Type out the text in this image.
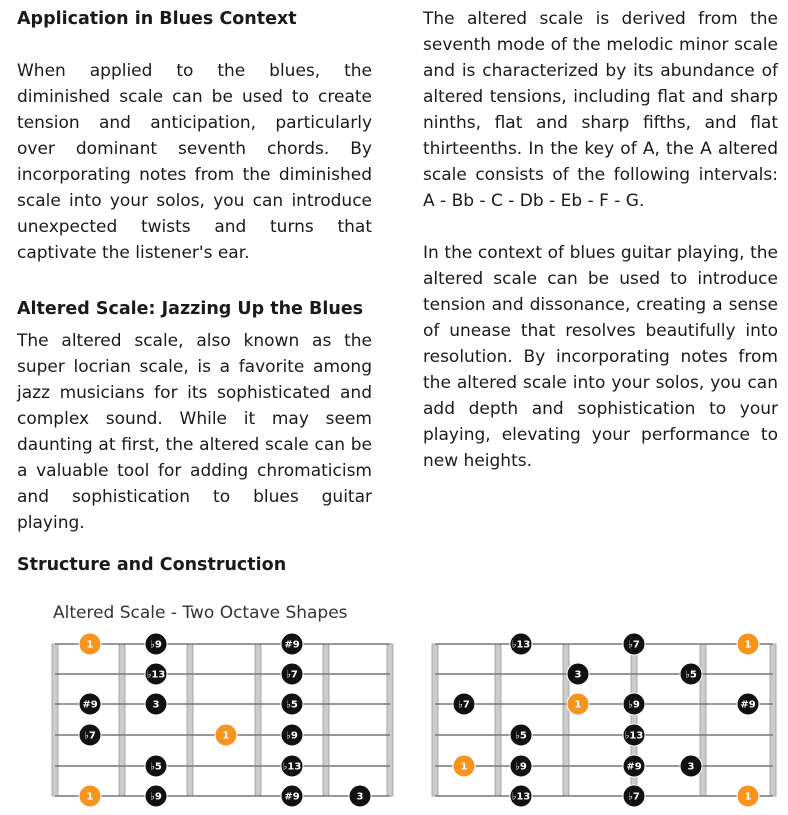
Application in Blues Context

When applied to the blues, the diminished scale can be used to create tension and anticipation, particularly over dominant seventh chords. By incorporating notes from the diminished scale into your solos, you can introduce unexpected twists and turns that captivate the listener's ear.

Altered Scale: Jazzing Up the Blues

The altered scale, also known as the super locrian scale, is a favorite among jazz musicians for its sophisticated and complex sound. While it may seem daunting at first, the altered scale can be a valuable tool for adding chromaticism and sophistication to blues guitar playing.

The altered scale is derived from the seventh mode of the melodic minor scale and is characterized by its abundance of altered tensions, including flat and sharp ninths, flat and sharp fifths, and flat thirteenths. In the key of A, the A altered scale consists of the following intervals: A - Bb - C - Db - Eb - F - G.

In the context of blues guitar playing, the altered scale can be used to introduce tension and dissonance, creating a sense of unease that resolves beautifully into resolution. By incorporating notes from the altered scale into your solos, you can add depth and sophistication to your playing, elevating your performance to new heights.

Structure and Construction
Altered Scale - Two Octave Shapes
1	♭9	#9
♭13	♭7
#9	3	♭5
♭7	1	♭9
♭5	♭13
1	♭9	#9	3
♭13	♭7	1
3	♭5
♭7	1	♭9	#9
♭5	♭13
1	♭9	#9	3
♭13	♭7	1
